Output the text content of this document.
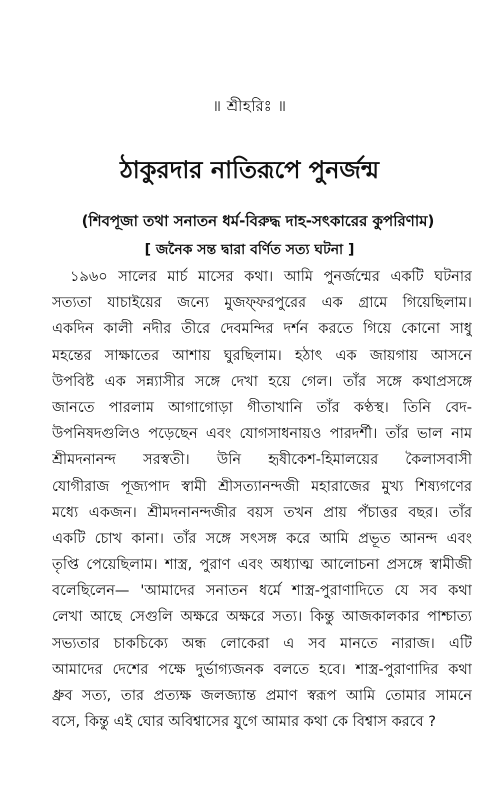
॥ শ্রীহরিঃ ॥
ঠাকুরদার নাতিরূপে পুনর্জন্ম
(শিবপূজা তথা সনাতন ধর্ম-বিরুদ্ধ দাহ-সৎকারের কুপরিণাম)
[ জনৈক সন্ত দ্বারা বর্ণিত সত্য ঘটনা ]
১৯৬০ সালের মার্চ মাসের কথা। আমি পুনর্জন্মের একটি ঘটনার
সত্যতা যাচাইয়ের জন্যে মুজফ্‌ফরপুরের এক গ্রামে গিয়েছিলাম।
একদিন কালী নদীর তীরে দেবমন্দির দর্শন করতে গিয়ে কোনো সাধু
মহন্তের সাক্ষাতের আশায় ঘুরছিলাম। হঠাৎ এক জায়গায় আসনে
উপবিষ্ট এক সন্ন্যাসীর সঙ্গে দেখা হয়ে গেল। তাঁর সঙ্গে কথাপ্রসঙ্গে
জানতে পারলাম আগাগোড়া গীতাখানি তাঁর কণ্ঠস্থ। তিনি বেদ-
উপনিষদগুলিও পড়েছেন এবং যোগসাধনায়ও পারদর্শী। তাঁর ভাল নাম
শ্রীমদনানন্দ সরস্বতী। উনি হৃষীকেশ-হিমালয়ের কৈলাসবাসী
যোগীরাজ পূজ্যপাদ স্বামী শ্রীসত্যানন্দজী মহারাজের মুখ্য শিষ্যগণের
মধ্যে একজন। শ্রীমদনানন্দজীর বয়স তখন প্রায় পঁচাত্তর বছর। তাঁর
একটি চোখ কানা। তাঁর সঙ্গে সৎসঙ্গ করে আমি প্রভূত আনন্দ এবং
তৃপ্তি পেয়েছিলাম। শাস্ত্র, পুরাণ এবং অধ্যাত্ম আলোচনা প্রসঙ্গে স্বামীজী
বলেছিলেন— 'আমাদের সনাতন ধর্মে শাস্ত্র-পুরাণাদিতে যে সব কথা
লেখা আছে সেগুলি অক্ষরে অক্ষরে সত্য। কিন্তু আজকালকার পাশ্চাত্য
সভ্যতার চাকচিক্যে অন্ধ লোকেরা এ সব মানতে নারাজ। এটি
আমাদের দেশের পক্ষে দুর্ভাগ্যজনক বলতে হবে। শাস্ত্র-পুরাণাদির কথা
ধ্রুব সত্য, তার প্রত্যক্ষ জলজ্যান্ত প্রমাণ স্বরূপ আমি তোমার সামনে
বসে, কিন্তু এই ঘোর অবিশ্বাসের যুগে আমার কথা কে বিশ্বাস করবে ?
